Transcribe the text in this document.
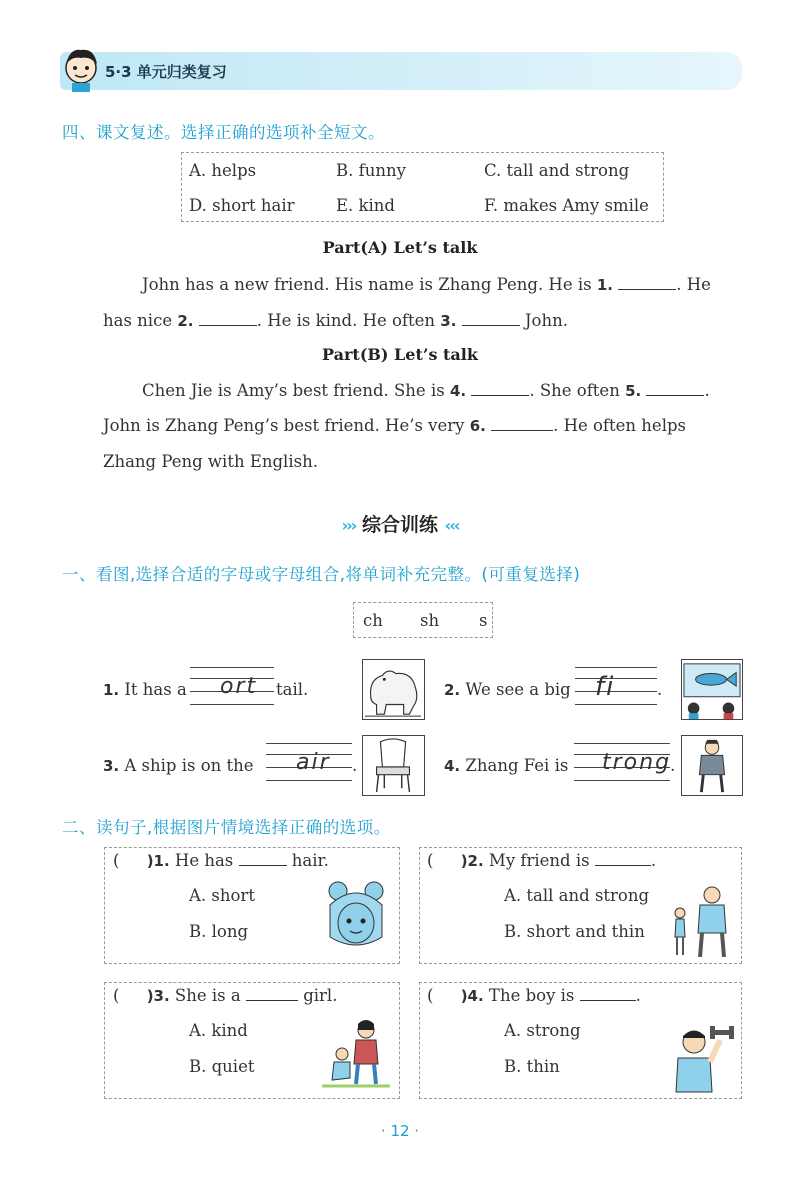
5·3 单元归类复习
四、课文复述。选择正确的选项补全短文。
A. helps	B. funny	C. tall and strong
D. short hair	E. kind	F. makes Amy smile
Part(A) Let’s talk
John has a new friend. His name is Zhang Peng. He is 1.	. He
has nice 2.	. He is kind. He often 3.	John.
Part(B) Let’s talk
Chen Jie is Amy’s best friend. She is 4.	. She often 5.	.
John is Zhang Peng’s best friend. He’s very 6.	. He often helps
Zhang Peng with English.
››› 综合训练 ‹‹‹
一、看图,选择合适的字母或字母组合,将单词补充完整。(可重复选择)
ch sh s
1. It has a ort tail.	2. We see a big fi	.
3. A ship is on the air .	4. Zhang Fei is trong
.
二、读句子,根据图片情境选择正确的选项。
( )1. He has	hair.
A. short
B. long
( )2. My friend is	.
A. tall and strong
B. short and thin
( )3. She is a	girl.
A. kind
B. quiet
( )4. The boy is	.
A. strong
B. thin
· 12 ·
